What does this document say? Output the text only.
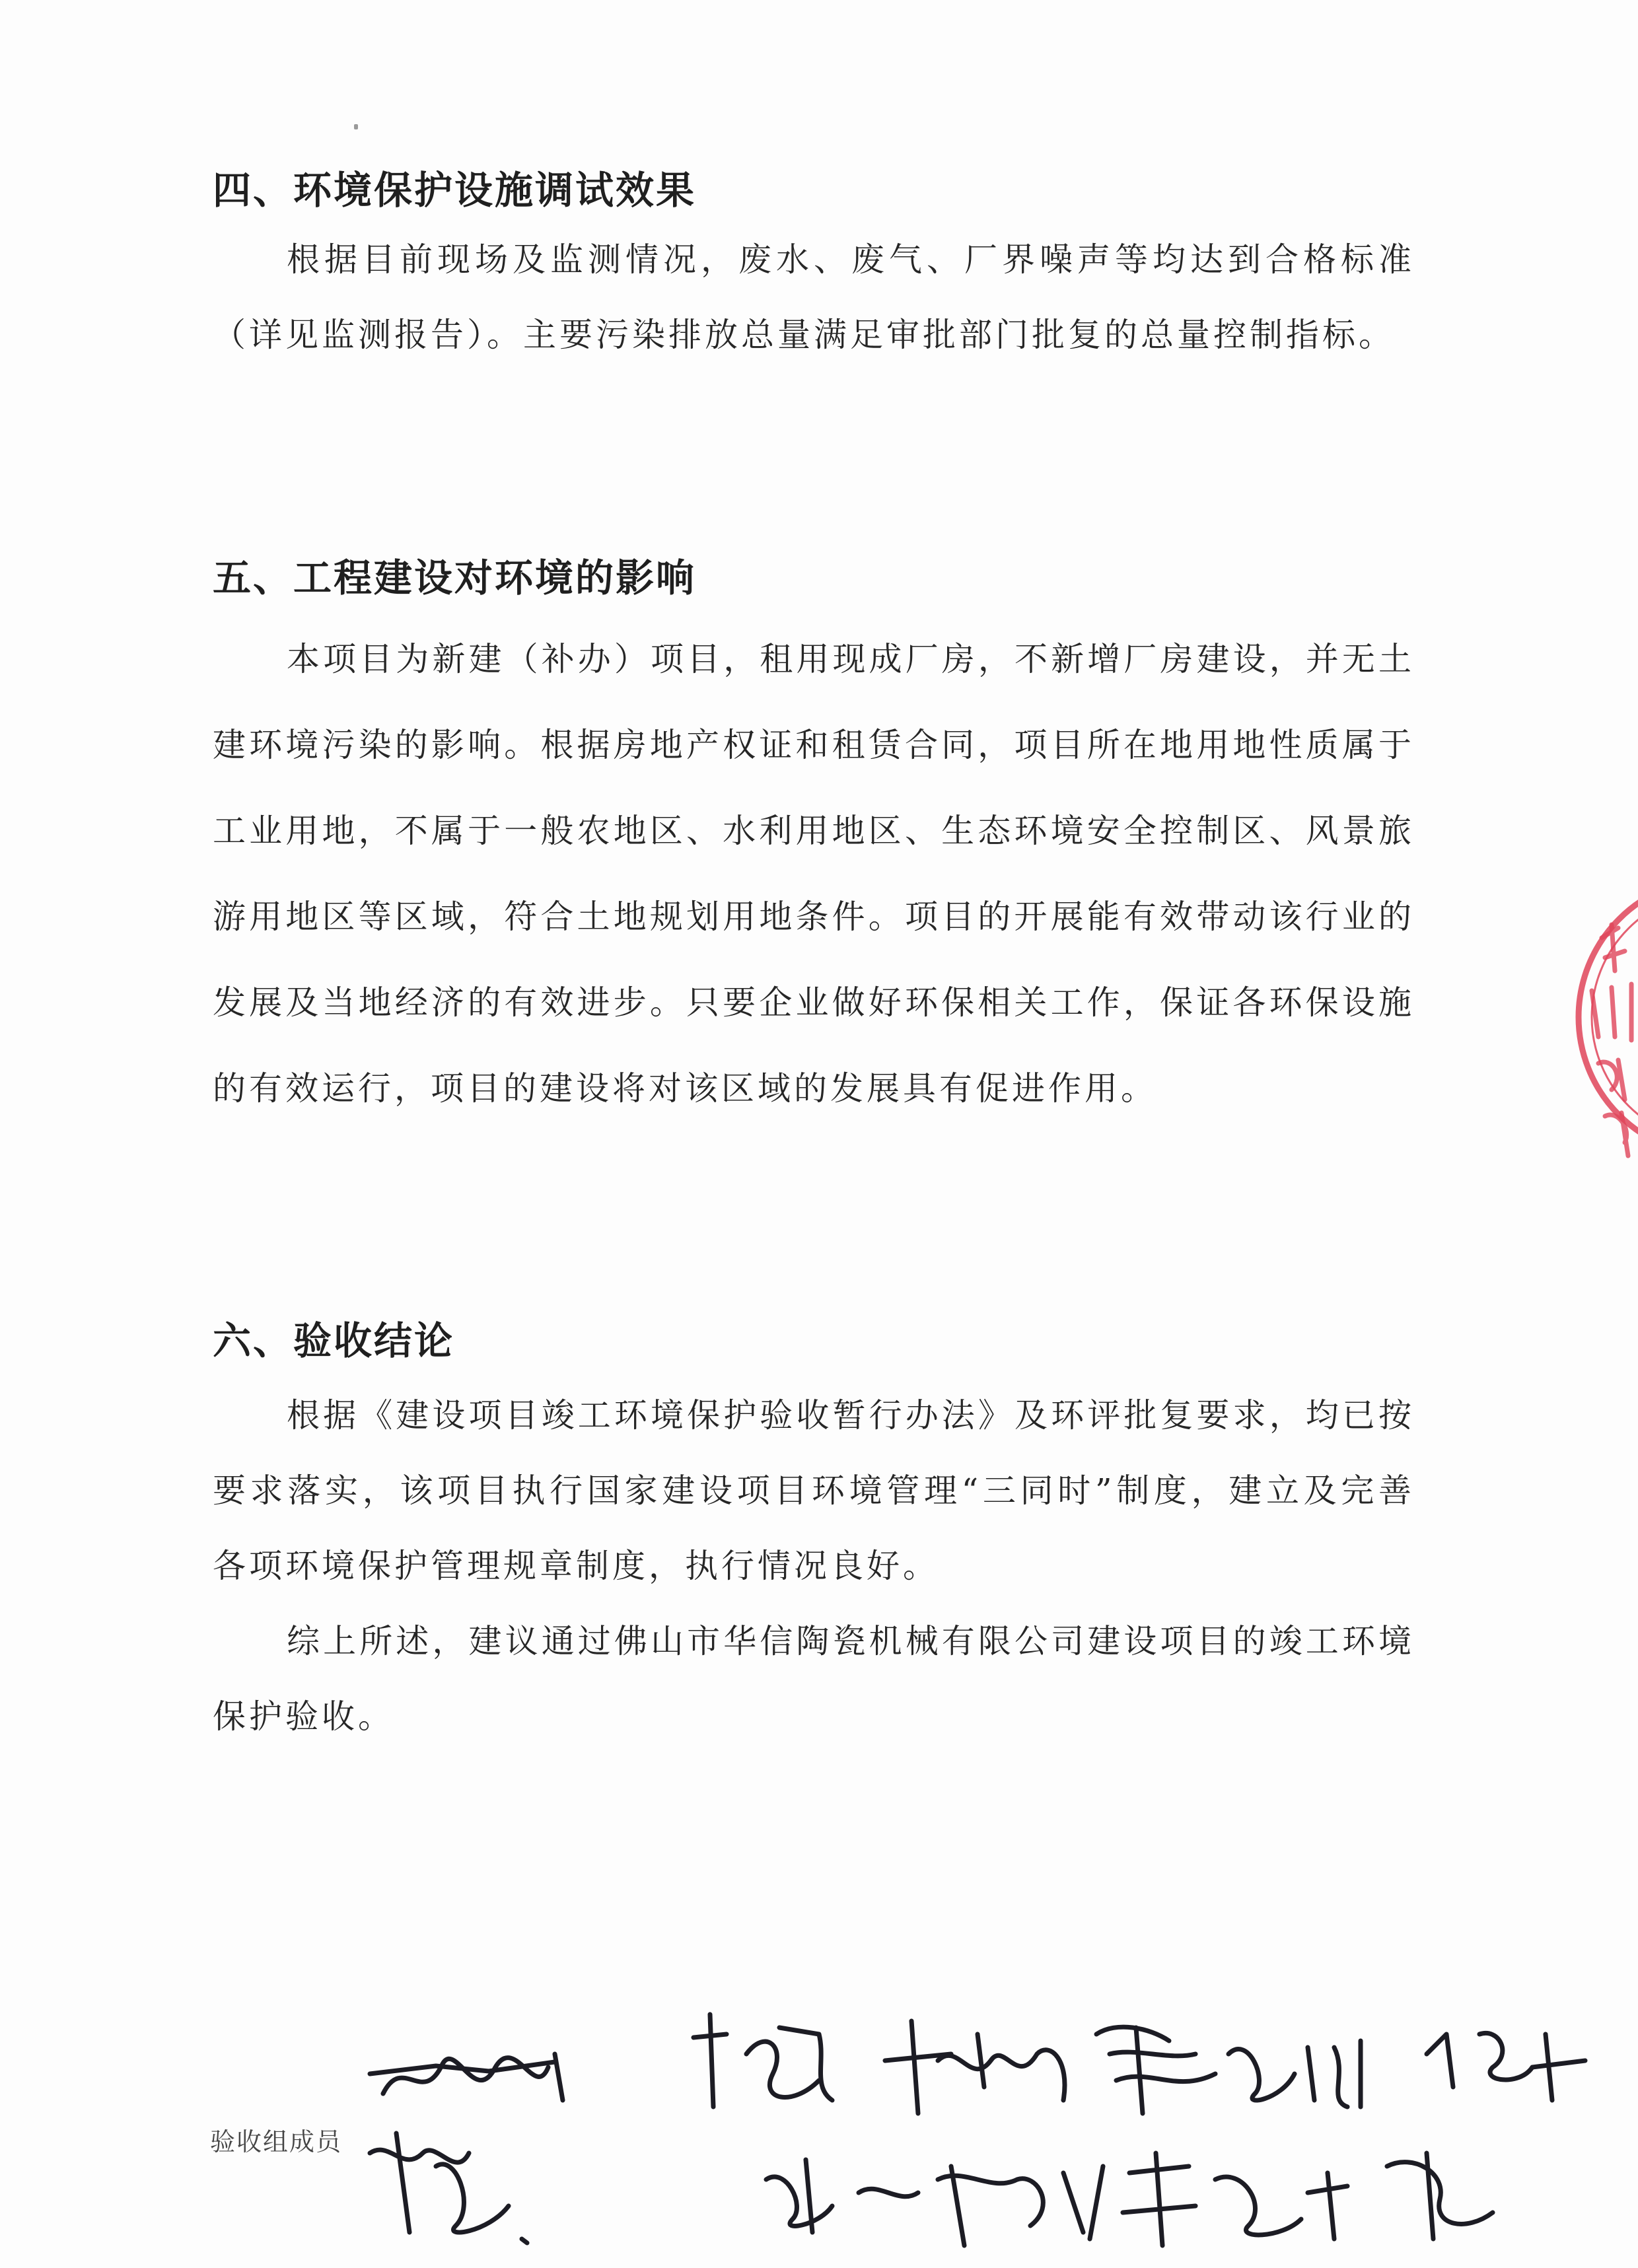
四、环境保护设施调试效果

根据目前现场及监测情况，废水、废气、厂界噪声等均达到合格标准（详见监测报告）。主要污染排放总量满足审批部门批复的总量控制指标。

五、工程建设对环境的影响

本项目为新建（补办）项目，租用现成厂房，不新增厂房建设，并无土建环境污染的影响。根据房地产权证和租赁合同，项目所在地用地性质属于工业用地，不属于一般农地区、水利用地区、生态环境安全控制区、风景旅游用地区等区域，符合土地规划用地条件。项目的开展能有效带动该行业的发展及当地经济的有效进步。只要企业做好环保相关工作，保证各环保设施的有效运行，项目的建设将对该区域的发展具有促进作用。

六、验收结论

根据《建设项目竣工环境保护验收暂行办法》及环评批复要求，均已按要求落实，该项目执行国家建设项目环境管理“三同时”制度，建立及完善各项环境保护管理规章制度，执行情况良好。

综上所述，建议通过佛山市华信陶瓷机械有限公司建设项目的竣工环境保护验收。

验收组成员
